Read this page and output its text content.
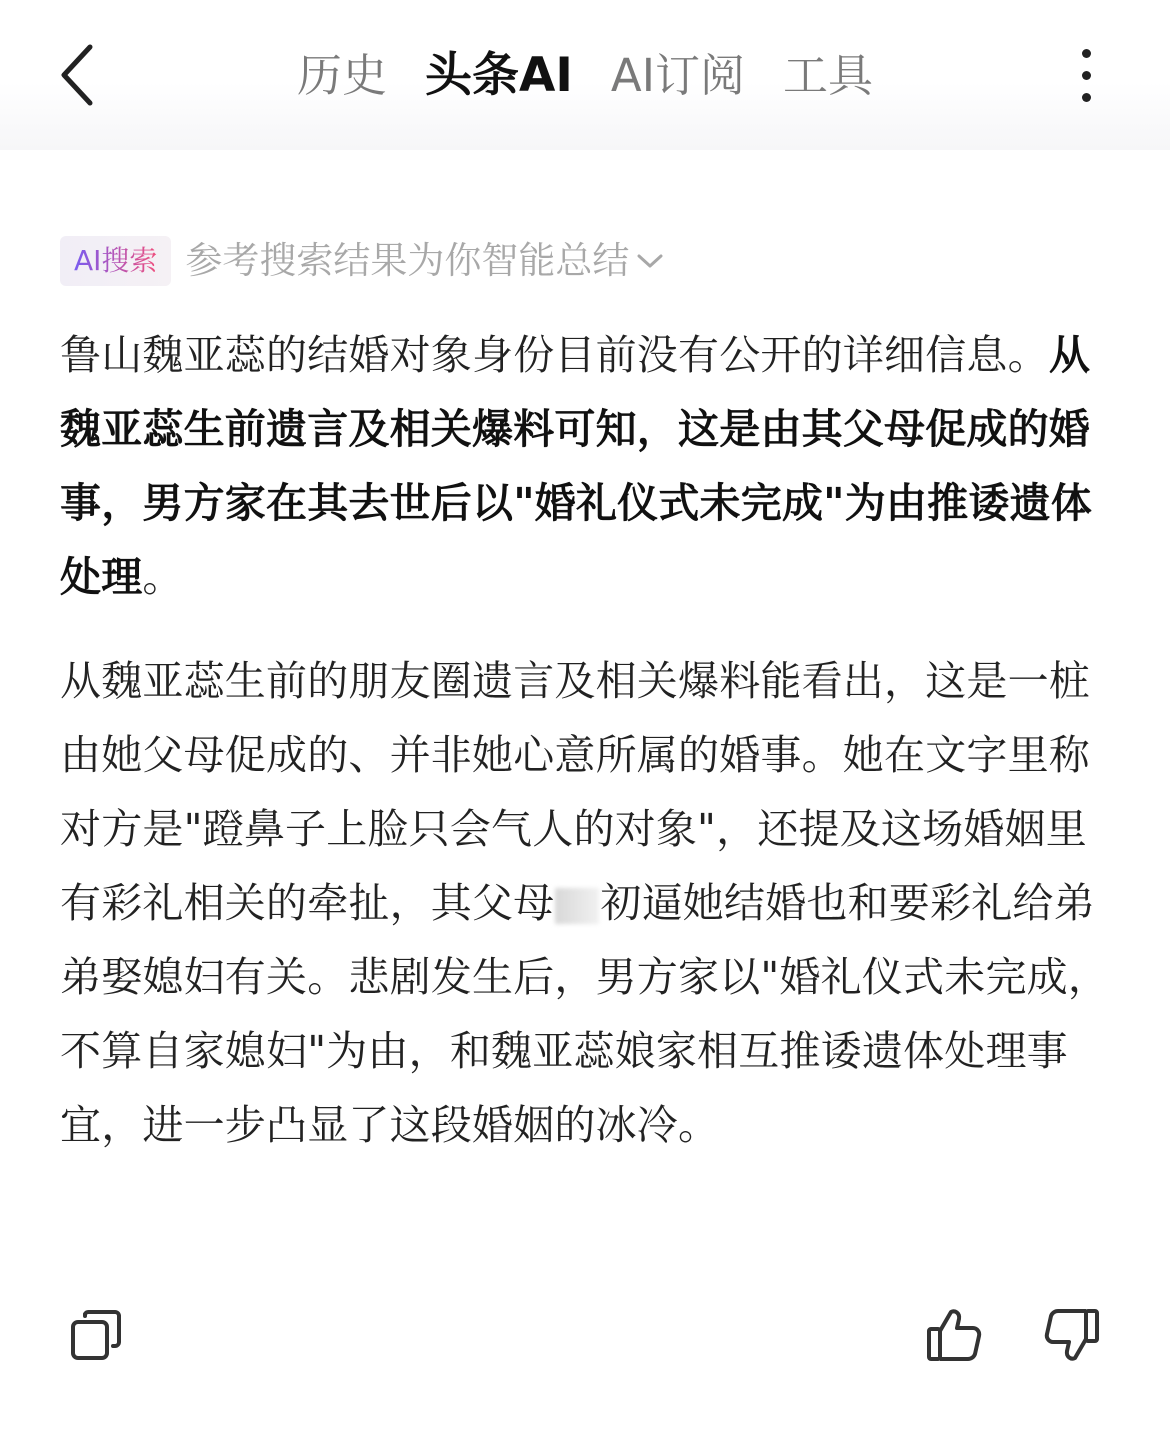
历史 头条AI AI订阅 工具
AI搜索 参考搜索结果为你智能总结
鲁山魏亚蕊的结婚对象身份目前没有公开的详细信息。从魏亚蕊生前遗言及相关爆料可知，这是由其父母促成的婚事，男方家在其去世后以"婚礼仪式未完成"为由推诿遗体处理。
从魏亚蕊生前的朋友圈遗言及相关爆料能看出，这是一桩由她父母促成的、并非她心意所属的婚事。她在文字里称对方是"蹬鼻子上脸只会气人的对象"，还提及这场婚姻里有彩礼相关的牵扯，其父母 初逼她结婚也和要彩礼给弟弟娶媳妇有关。悲剧发生后，男方家以"婚礼仪式未完成，不算自家媳妇"为由，和魏亚蕊娘家相互推诿遗体处理事宜，进一步凸显了这段婚姻的冰冷。
